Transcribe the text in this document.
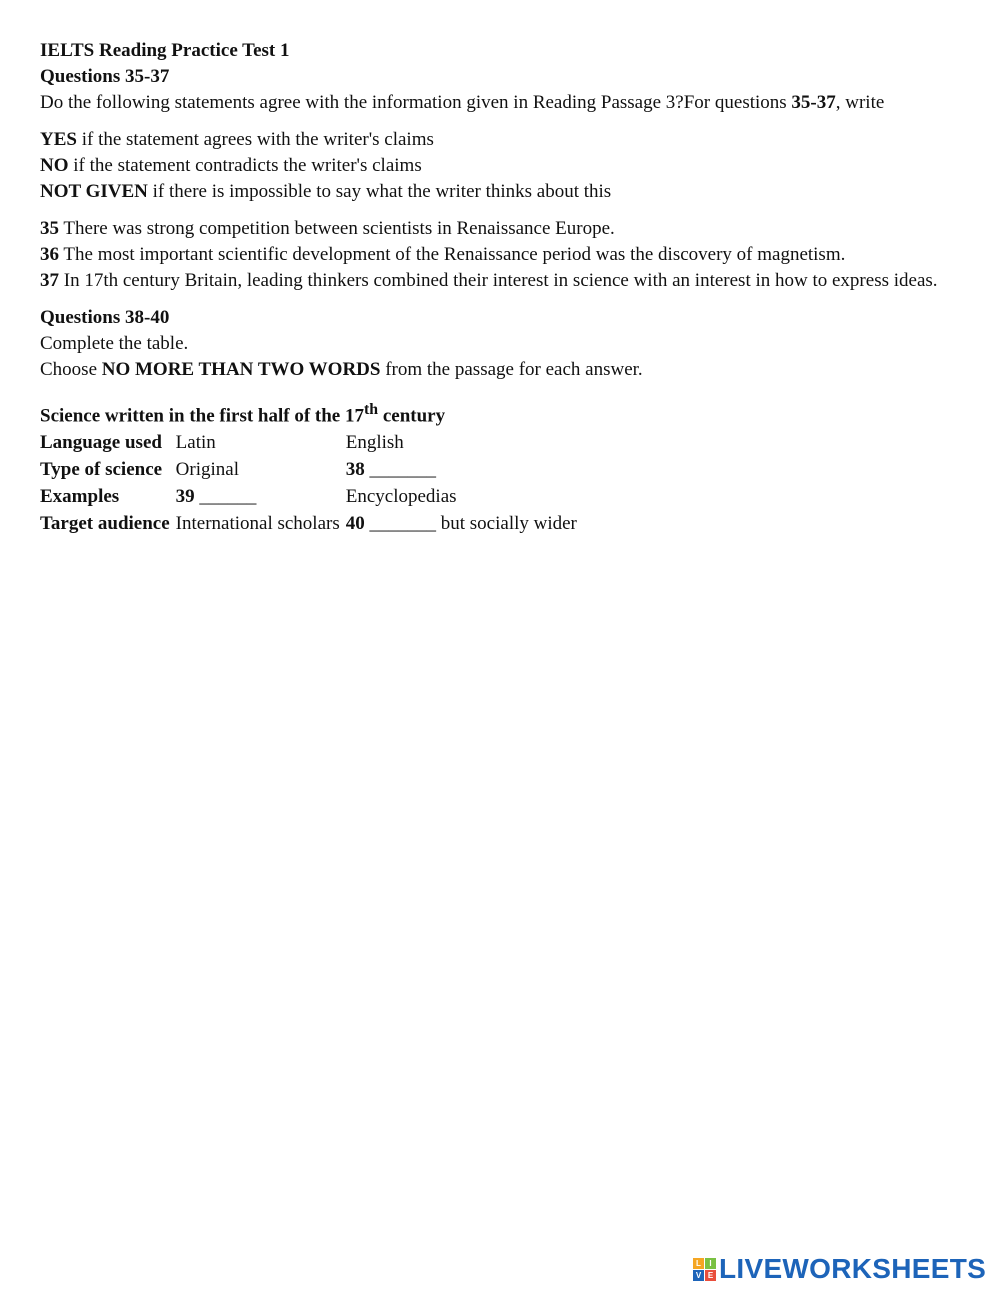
IELTS Reading Practice Test 1

Questions 35-37

Do the following statements agree with the information given in Reading Passage 3?For questions 35-37, write

YES if the statement agrees with the writer's claims

NO if the statement contradicts the writer's claims

NOT GIVEN if there is impossible to say what the writer thinks about this

35 There was strong competition between scientists in Renaissance Europe.

36 The most important scientific development of the Renaissance period was the discovery of magnetism.

37 In 17th century Britain, leading thinkers combined their interest in science with an interest in how to express ideas.

Questions 38-40

Complete the table.

Choose NO MORE THAN TWO WORDS from the passage for each answer.

Science written in the first half of the 17th century		
Language used	Latin	English
Type of science	Original	38 _______
Examples	39 ______	Encyclopedias
Target audience	International scholars	40 _______ but socially wider
L	I
V E LIVEWORKSHEETS
